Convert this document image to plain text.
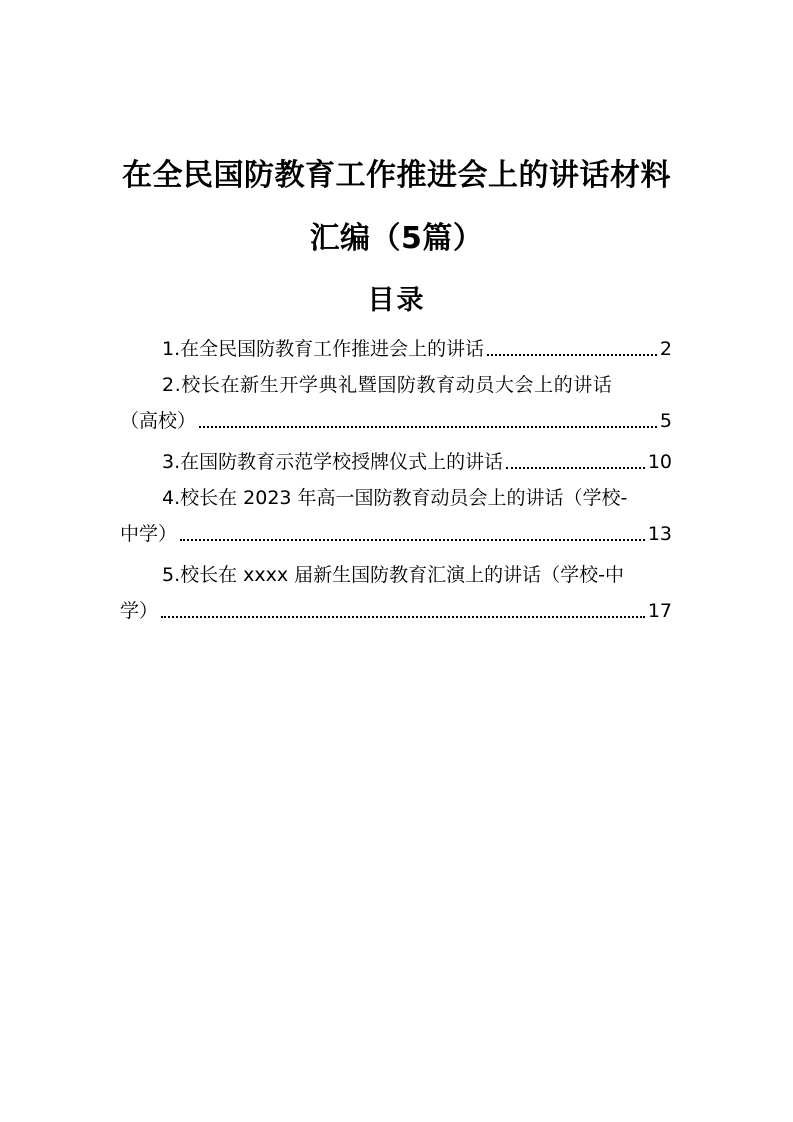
在全民国防教育工作推进会上的讲话材料
汇编（5篇）
目录
1.在全民国防教育工作推进会上的讲话	2
2.校长在新生开学典礼暨国防教育动员大会上的讲话
（高校）	5
3.在国防教育示范学校授牌仪式上的讲话	10
4.校长在 2023 年高一国防教育动员会上的讲话（学校-
中学）	13
5.校长在 xxxx 届新生国防教育汇演上的讲话（学校-中
学）	17
